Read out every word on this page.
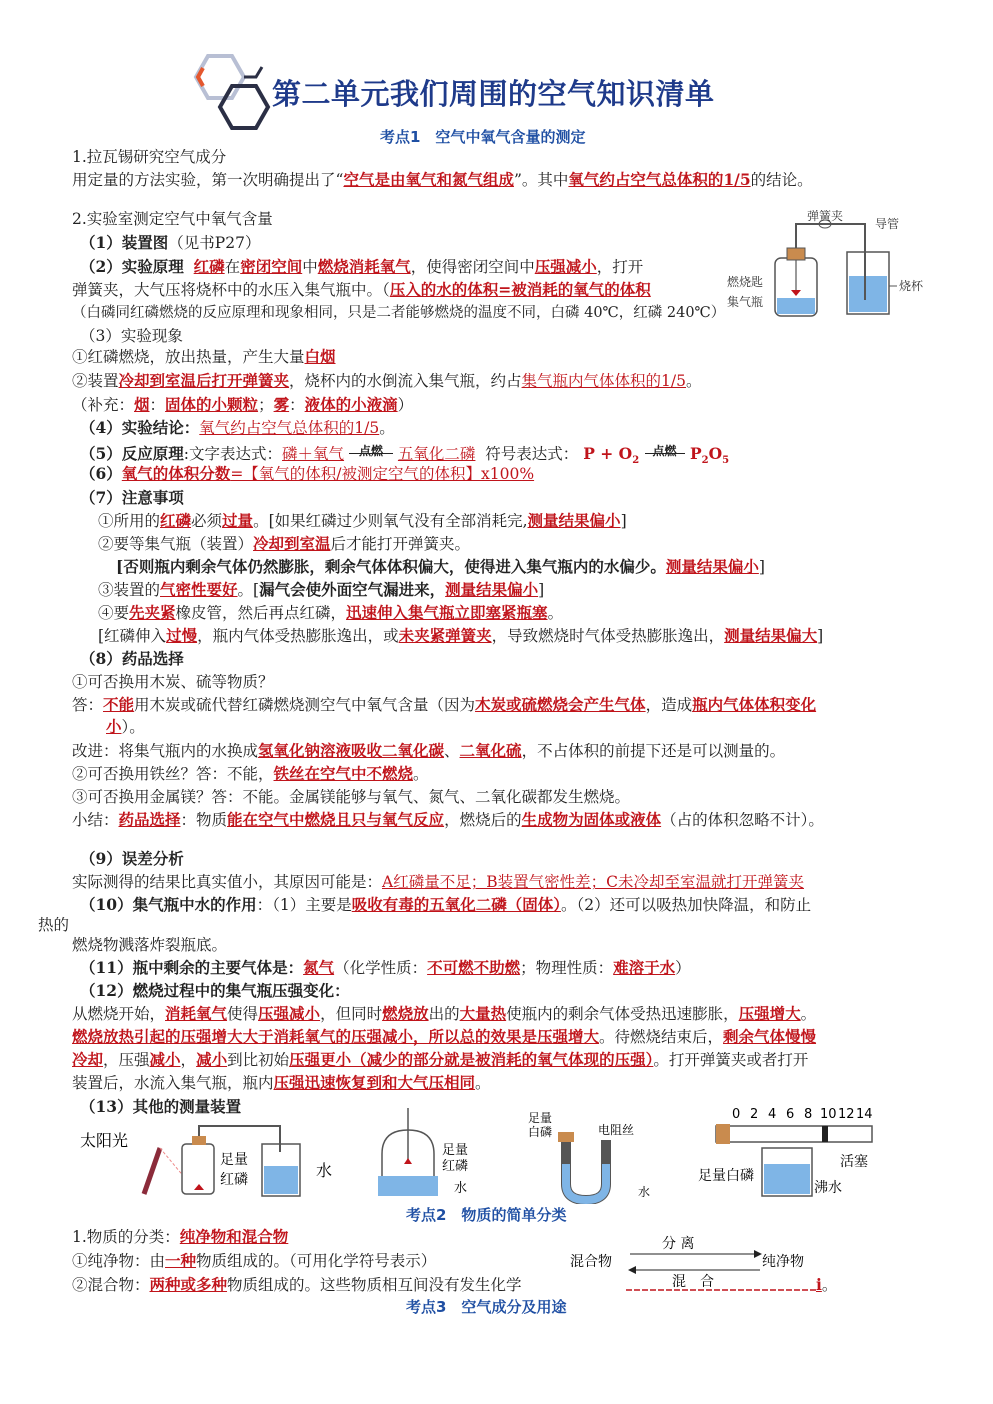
第二单元我们周围的空气知识清单
考点1　空气中氧气含量的测定
1.拉瓦锡研究空气成分
用定量的方法实验，第一次明确提出了“空气是由氧气和氮气组成”。其中氧气约占空气总体积的1/5的结论。
2.实验室测定空气中氧气含量
（1）装置图（见书P27）
（2）实验原理 红磷在密闭空间中燃烧消耗氧气，使得密闭空间中压强减小，打开
弹簧夹，大气压将烧杯中的水压入集气瓶中。（压入的水的体积=被消耗的氧气的体积
（白磷同红磷燃烧的反应原理和现象相同，只是二者能够燃烧的温度不同，白磷 40℃，红磷 240℃）
弹簧夹
导管
燃烧匙
集气瓶
烧杯
（3）实验现象
①红磷燃烧，放出热量，产生大量白烟
②装置冷却到室温后打开弹簧夹，烧杯内的水倒流入集气瓶，约占集气瓶内气体体积的1/5。
（补充：烟：固体的小颗粒；雾：液体的小液滴）
（4）实验结论：氧气约占空气总体积的1/5。
（5）反应原理:文字表达式：磷＋氧气 点燃 五氧化二磷 符号表达式： $P + O_2$ 点燃 $P_2O_5$
（6）氧气的体积分数=【氧气的体积/被测定空气的体积】x100%
（7）注意事项
①所用的红磷必须过量。[如果红磷过少则氧气没有全部消耗完,测量结果偏小]
②要等集气瓶（装置）冷却到室温后才能打开弹簧夹。
[否则瓶内剩余气体仍然膨胀，剩余气体体积偏大，使得进入集气瓶内的水偏少。测量结果偏小]
③装置的气密性要好。[漏气会使外面空气漏进来，测量结果偏小]
④要先夹紧橡皮管，然后再点红磷，迅速伸入集气瓶立即塞紧瓶塞。
[红磷伸入过慢，瓶内气体受热膨胀逸出，或未夹紧弹簧夹，导致燃烧时气体受热膨胀逸出，测量结果偏大]
（8）药品选择
①可否换用木炭、硫等物质？
答：不能用木炭或硫代替红磷燃烧测空气中氧气含量（因为木炭或硫燃烧会产生气体，造成瓶内气体体积变化
小）。
改进：将集气瓶内的水换成氢氧化钠溶液吸收二氧化碳、二氧化硫，不占体积的前提下还是可以测量的。
②可否换用铁丝？答：不能，铁丝在空气中不燃烧。
③可否换用金属镁？答：不能。金属镁能够与氧气、氮气、二氧化碳都发生燃烧。
小结：药品选择：物质能在空气中燃烧且只与氧气反应，燃烧后的生成物为固体或液体（占的体积忽略不计）。
（9）误差分析
实际测得的结果比真实值小，其原因可能是：A红磷量不足；B装置气密性差；C未冷却至室温就打开弹簧夹
（10）集气瓶中水的作用：（1）主要是吸收有毒的五氧化二磷（固体）。（2）还可以吸热加快降温，和防止
热的
燃烧物溅落炸裂瓶底。
（11）瓶中剩余的主要气体是：氮气（化学性质：不可燃不助燃；物理性质：难溶于水）
（12）燃烧过程中的集气瓶压强变化：
从燃烧开始，消耗氧气使得压强减小，但同时燃烧放出的大量热使瓶内的剩余气体受热迅速膨胀，压强增大。
燃烧放热引起的压强增大大于消耗氧气的压强减小，所以总的效果是压强增大。待燃烧结束后，剩余气体慢慢
冷却，压强减小，减小到比初始压强更小（减少的部分就是被消耗的氧气体现的压强）。打开弹簧夹或者打开
装置后，水流入集气瓶，瓶内压强迅速恢复到和大气压相同。
（13）其他的测量装置
太阳光
足量
红磷	水
足量
红磷
水
足量
白磷	电阻丝
水
0 2 4 6 8 10 12 14
足量白磷
活塞
沸水
考点2　物质的简单分类
1.物质的分类：纯净物和混合物
①纯净物：由一种物质组成的。（可用化学符号表示）
②混合物：两种或多种物质组成的。这些物质相互间没有发生化学
分 离
混合物	纯净物
混　合	i。
考点3　空气成分及用途
